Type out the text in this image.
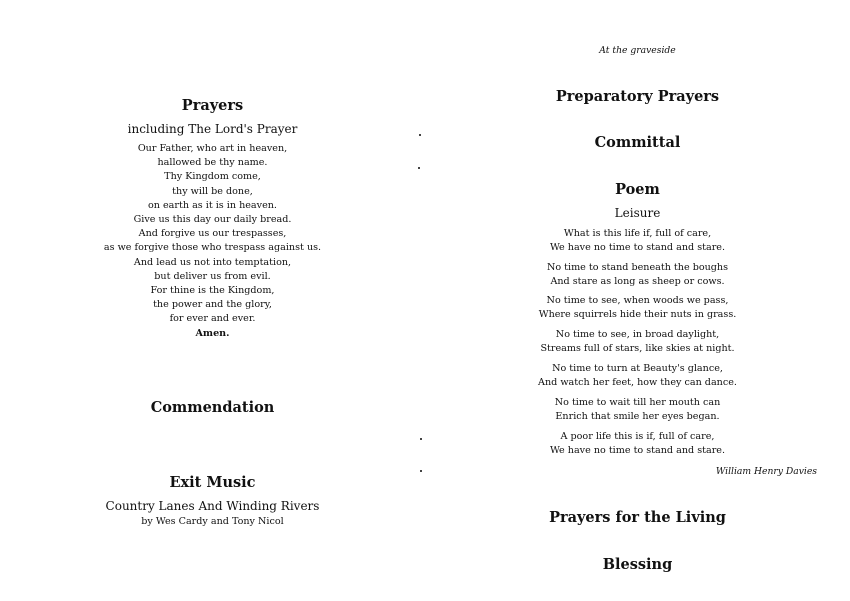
Prayers
including The Lord's Prayer
Our Father, who art in heaven,
hallowed be thy name.
Thy Kingdom come,
thy will be done,
on earth as it is in heaven.
Give us this day our daily bread.
And forgive us our trespasses,
as we forgive those who trespass against us.
And lead us not into temptation,
but deliver us from evil.
For thine is the Kingdom,
the power and the glory,
for ever and ever.
Amen.
Commendation
Exit Music
Country Lanes And Winding Rivers
by Wes Cardy and Tony Nicol
At the graveside
Preparatory Prayers
Committal
Poem
Leisure
What is this life if, full of care,
We have no time to stand and stare.
No time to stand beneath the boughs
And stare as long as sheep or cows.
No time to see, when woods we pass,
Where squirrels hide their nuts in grass.
No time to see, in broad daylight,
Streams full of stars, like skies at night.
No time to turn at Beauty's glance,
And watch her feet, how they can dance.
No time to wait till her mouth can
Enrich that smile her eyes began.
A poor life this is if, full of care,
We have no time to stand and stare.
William Henry Davies
Prayers for the Living
Blessing
